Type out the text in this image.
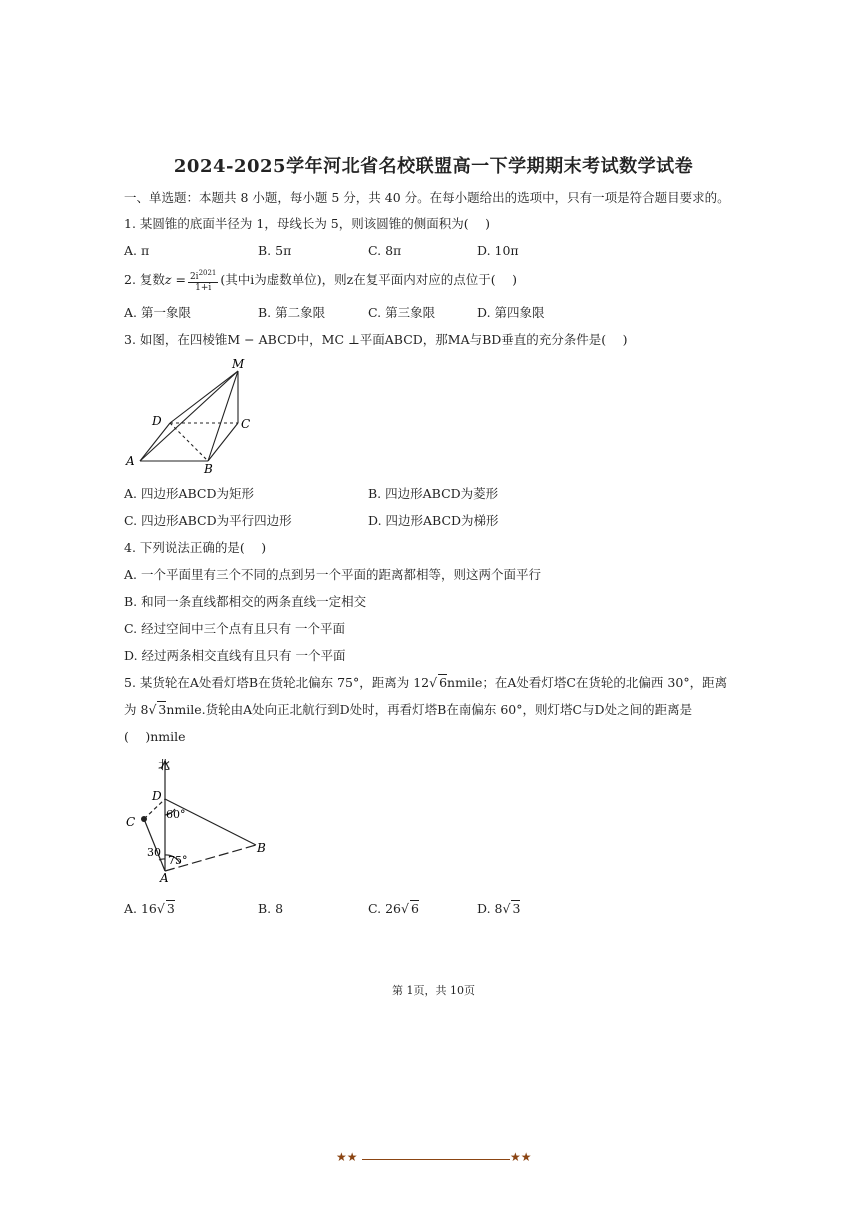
2024-2025学年河北省名校联盟高一下学期期末考试数学试卷
一、单选题：本题共 8 小题，每小题 5 分，共 40 分。在每小题给出的选项中，只有一项是符合题目要求的。
1. 某圆锥的底面半径为 1，母线长为 5，则该圆锥的侧面积为(　 )
A. π	B. 5π	C. 8π	D. 10π
2. 复数$z = \frac{2i^{2021}}{1+i}$ (其中i为虚数单位)，则z在复平面内对应的点位于(　 )
A. 第一象限	B. 第二象限	C. 第三象限	D. 第四象限
3. 如图，在四棱锥M − ABCD中，MC ⊥平面ABCD，那MA与BD垂直的充分条件是(　 )
M
D	C
A
B
A. 四边形ABCD为矩形	B. 四边形ABCD为菱形
C. 四边形ABCD为平行四边形	D. 四边形ABCD为梯形
4. 下列说法正确的是(　 )
A. 一个平面里有三个不同的点到另一个平面的距离都相等，则这两个面平行
B. 和同一条直线都相交的两条直线一定相交
C. 经过空间中三个点有且只有 一个平面
D. 经过两条相交直线有且只有 一个平面
5. 某货轮在A处看灯塔B在货轮北偏东 75°，距离为 12√ 6nmile；在A处看灯塔C在货轮的北偏西 30°，距离
为 8√ 3nmile.货轮由A处向正北航行到D处时，再看灯塔B在南偏东 60°，则灯塔C与D处之间的距离是
(　 )nmile
北
D
C
60°
30
75°
A
B
A. 16√ 3	B. 8	C. 26√ 6	D. 8√ 3
第 1页，共 10页
★★	★★
